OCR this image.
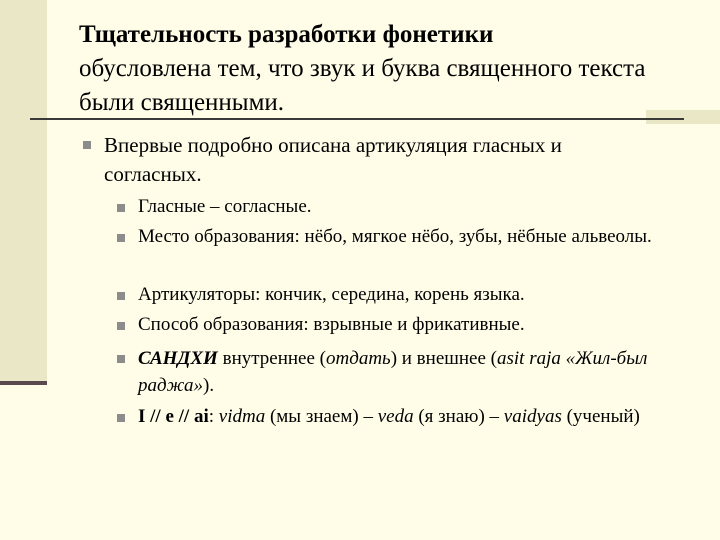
Тщательность разработки фонетики
обусловлена тем, что звук и буква священного текста были священными.
Впервые подробно описана артикуляция гласных и согласных.
Гласные – согласные.
Место образования: нёбо, мягкое нёбо, зубы, нёбные альвеолы.
Артикуляторы: кончик, середина, корень языка.
Способ образования: взрывные и фрикативные.
САНДХИ внутреннее (отдать) и внешнее (asit raja «Жил-был раджа»).
I // e // ai: vidma (мы знаем) – veda (я знаю) – vaidyas (ученый)
